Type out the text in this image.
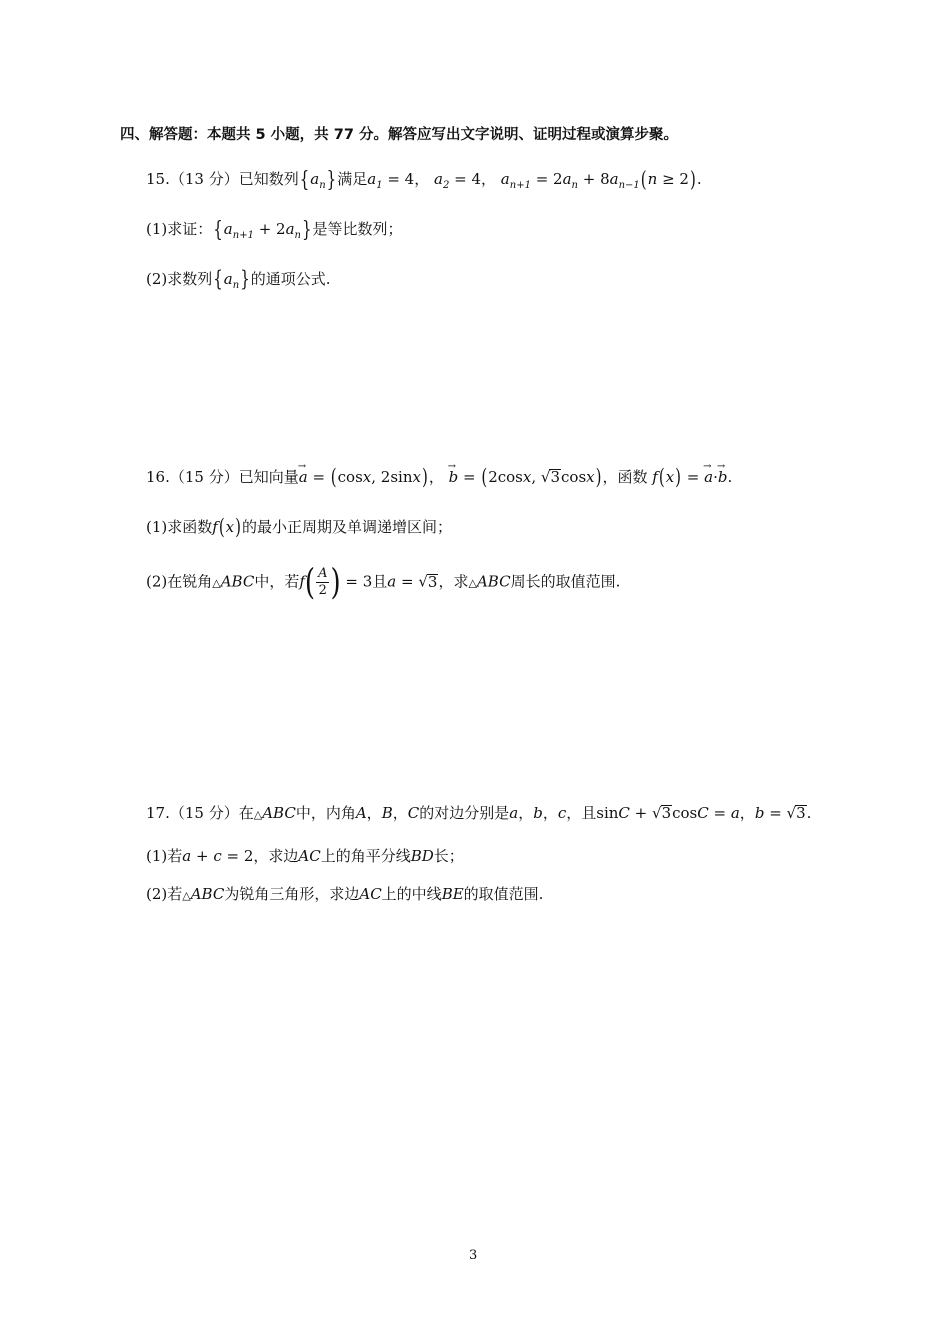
四、解答题：本题共 5 小题，共 77 分。解答应写出文字说明、证明过程或演算步聚。
15.（13 分）已知数列$\{a_n\}$满足$a_1 = 4$， $a_2 = 4$， $a_{n+1} = 2a_n + 8a_{n-1}(n \ge 2)$.
(1)求证：$\{a_{n+1} + 2a_n\}$是等比数列；
(2)求数列$\{a_n\}$的通项公式.
16.（15 分）已知向量→ a = (cosx, 2sinx)， → b = (2cosx, √3cosx)，函数 f(x) = → a·→ b.
(1)求函数f(x)的最小正周期及单调递增区间；
(2)在锐角△ABC中，若$f( \frac{A}{2}$ ) = 3且a = √3，求△ABC周长的取值范围.
17.（15 分）在△ABC中，内角A，B，C的对边分别是a，b，c，且sinC + √3cosC = a，b = √3.
(1)若a + c = 2，求边AC上的角平分线BD长；
(2)若△ABC为锐角三角形，求边AC上的中线BE的取值范围.
3
